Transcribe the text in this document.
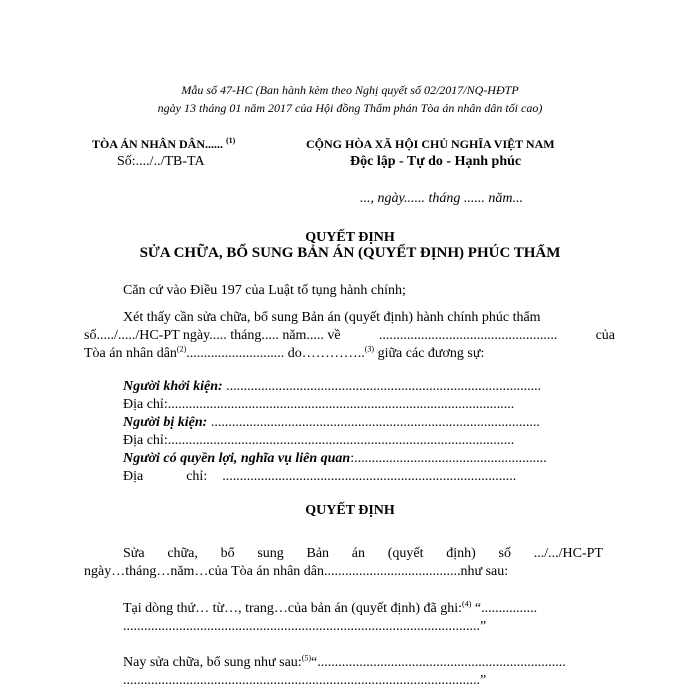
Mẫu số 47-HC (Ban hành kèm theo Nghị quyết số 02/2017/NQ-HĐTP
ngày 13 tháng 01 năm 2017 của Hội đồng Thẩm phán Tòa án nhân dân tối cao)
TÒA ÁN NHÂN DÂN...... $^{(1)}$
Số:..../../TB-TA
CỘNG HÒA XÃ HỘI CHỦ NGHĨA VIỆT NAM
Độc lập - Tự do - Hạnh phúc
..., ngày...... tháng ...... năm...
QUYẾT ĐỊNH
SỬA CHỮA, BỔ SUNG BẢN ÁN (QUYẾT ĐỊNH) PHÚC THẨM
Căn cứ vào Điều 197 của Luật tố tụng hành chính;
Xét thấy cần sửa chữa, bổ sung Bản án (quyết định) hành chính phúc thẩm
số...../...../HC-PT ngày..... tháng..... năm..... về	...................................................	của
Tòa án nhân dân$^{(2)}$............................ do…………..$^{(3)}$ giữa các đương sự:
Người khởi kiện: ..........................................................................................
Địa chỉ:...................................................................................................
Người bị kiện: ..............................................................................................
Địa chỉ:...................................................................................................
Người có quyền lợi, nghĩa vụ liên quan:.......................................................
Địa	chỉ: ....................................................................................
QUYẾT ĐỊNH
Sửa chữa, bổ sung Bản án (quyết định) số .../.../HC-PT
ngày…tháng…năm…của Tòa án nhân dân.......................................như sau:
Tại dòng thứ… từ…, trang…của bản án (quyết định) đã ghi:$^{(4)}$ “................
......................................................................................................”
Nay sửa chữa, bổ sung như sau:$^{(5)}$“.......................................................................
......................................................................................................”
